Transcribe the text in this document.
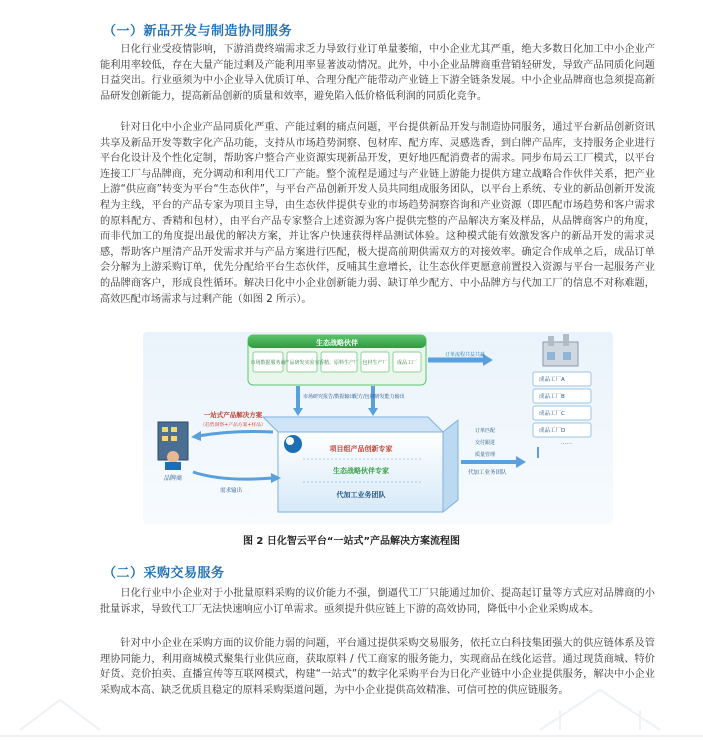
（一）新品开发与制造协同服务
日化行业受疫情影响，下游消费终端需求乏力导致行业订单量萎缩，中小企业尤其严重，绝大多数日化加工中小企业产能利用率较低，存在大量产能过剩及产能利用率显著波动情况。此外，中小企业品牌商重营销轻研发，导致产品同质化问题日益突出。行业亟须为中小企业导入优质订单、合理分配产能带动产业链上下游全链条发展。中小企业品牌商也急须提高新品研发创新能力，提高新品创新的质量和效率，避免陷入低价格低利润的同质化竞争。
针对日化中小企业产品同质化严重、产能过剩的痛点问题，平台提供新品开发与制造协同服务，通过平台新品创新资讯共享及新品开发等数字化产品功能，支持从市场趋势洞察、包材库、配方库、灵感选香，到白牌产品库，支持服务企业进行平台化设计及个性化定制，帮助客户整合产业资源实现新品开发，更好地匹配消费者的需求。同步布局云工厂模式，以平台连接工厂与品牌商，充分调动和利用代工厂产能。整个流程是通过与产业链上游能力提供方建立战略合作伙伴关系，把产业上游“供应商”转变为平台“生态伙伴”，与平台产品创新开发人员共同组成服务团队，以平台上系统、专业的新品创新开发流程为主线，平台的产品专家为项目主导，由生态伙伴提供专业的市场趋势洞察咨询和产业资源（即匹配市场趋势和客户需求的原料配方、香精和包材），由平台产品专家整合上述资源为客户提供完整的产品解决方案及样品，从品牌商客户的角度，而非代加工的角度提出最优的解决方案，并让客户快速获得样品测试体验。这种模式能有效激发客户的新品开发的需求灵感，帮助客户厘清产品开发需求并与产品方案进行匹配，极大提高前期供需双方的对接效率。确定合作成单之后，成品订单会分解为上游采购订单，优先分配给平台生态伙伴，反哺其生意增长，让生态伙伴更愿意前置投入资源与平台一起服务产业的品牌商客户，形成良性循环。解决日化中小企业创新能力弱、缺订单少配方、中小品牌方与代加工厂的信息不对称难题，高效匹配市场需求与过剩产能（如图 2 所示）。
生态战略伙伴
市场数据服务商
产品研发实验室 香精、原料生产厂 包材生产厂 成品工厂
订单流程共益共赢
成品工厂A
成品工厂B
成品工厂C
成品工厂D
……
市场研究报告/数据输出
配方/包材研发能力输出
项目组产品创新专家
生态战略伙伴专家
代加工业务团队
一站式产品解决方案
（趋势洞察+产品方案+样品）
品牌商
需求输出
订单匹配
交付跟进
质量管理
代加工业务团队
图 2 日化智云平台“一站式”产品解决方案流程图
（二）采购交易服务
日化行业中小企业对于小批量原料采购的议价能力不强，倒逼代工厂只能通过加价、提高起订量等方式应对品牌商的小批量诉求，导致代工厂无法快速响应小订单需求。亟须提升供应链上下游的高效协同，降低中小企业采购成本。
针对中小企业在采购方面的议价能力弱的问题，平台通过提供采购交易服务，依托立白科技集团强大的供应链体系及管理协同能力，利用商城模式聚集行业供应商，获取原料 / 代工商家的服务能力，实现商品在线化运营。通过现货商城、特价好货、竞价拍卖、直播宣传等互联网模式，构建“一站式”的数字化采购平台为日化产业链中小企业提供服务，解决中小企业采购成本高、缺乏优质且稳定的原料采购渠道问题，为中小企业提供高效精准、可信可控的供应链服务。
